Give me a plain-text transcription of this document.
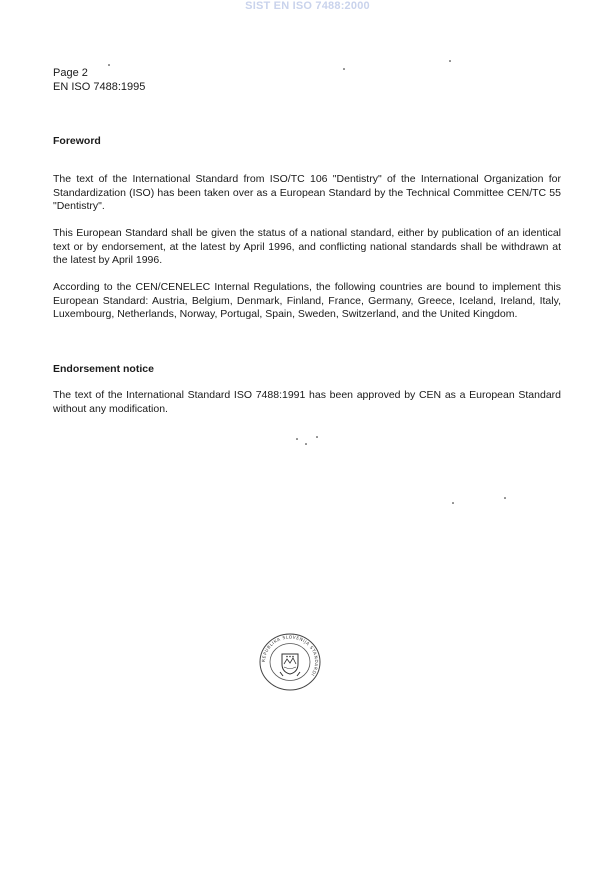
SIST EN ISO 7488:2000
Page 2
EN ISO 7488:1995
Foreword
The text of the International Standard from ISO/TC 106 "Dentistry" of the International Organization for Standardization (ISO) has been taken over as a European Standard by the Technical Committee CEN/TC 55 "Dentistry".
This European Standard shall be given the status of a national standard, either by publication of an identical text or by endorsement, at the latest by April 1996, and conflicting national standards shall be withdrawn at the latest by April 1996.
According to the CEN/CENELEC Internal Regulations, the following countries are bound to implement this European Standard: Austria, Belgium, Denmark, Finland, France, Germany, Greece, Iceland, Ireland, Italy, Luxembourg, Netherlands, Norway, Portugal, Spain, Sweden, Switzerland, and the United Kingdom.
Endorsement notice
The text of the International Standard ISO 7488:1991 has been approved by CEN as a European Standard without any modification.
REPUBLIKA SLOVENIJA STANDARDI
